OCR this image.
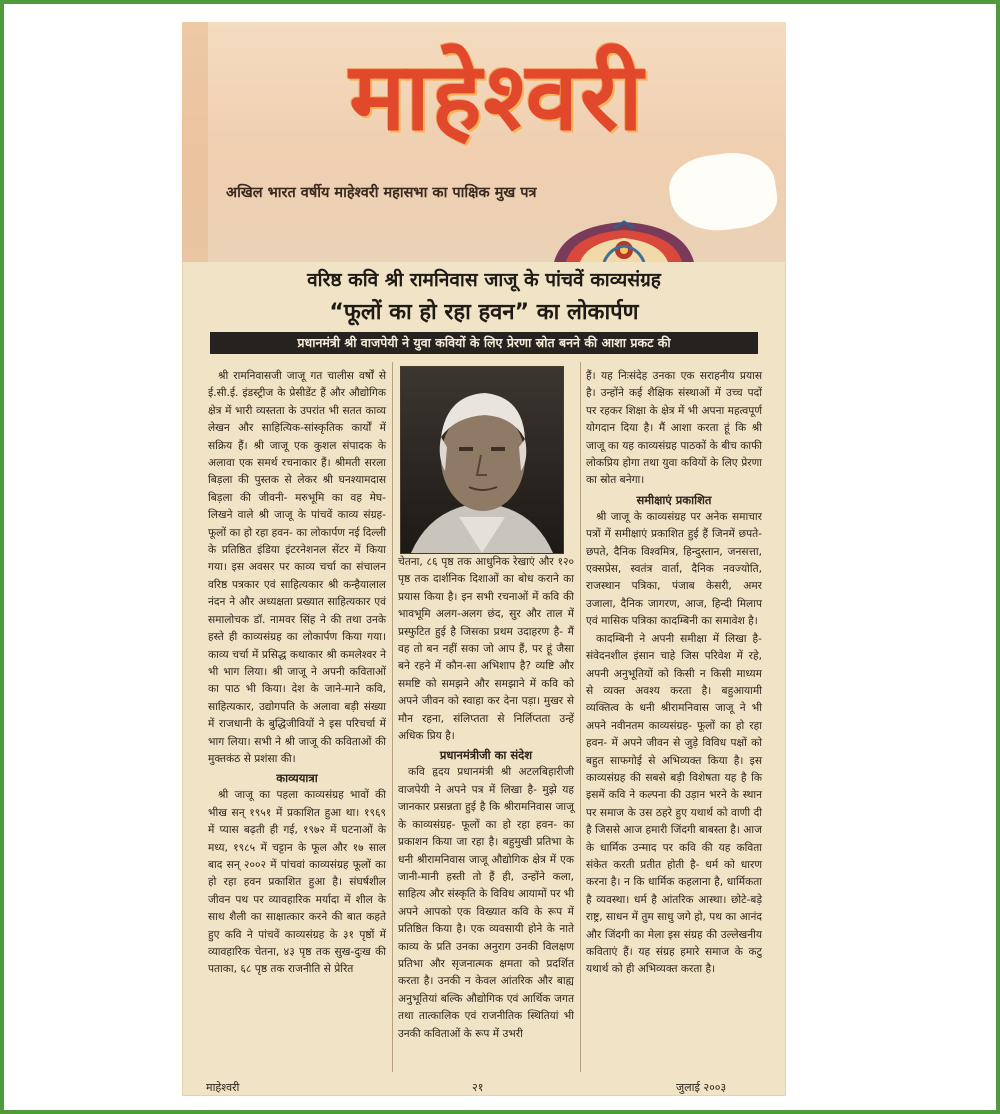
माहेश्वरी
अखिल भारत वर्षीय माहेश्वरी महासभा का पाक्षिक मुख पत्र
वरिष्ठ कवि श्री रामनिवास जाजू के पांचवें काव्यसंग्रह
“फूलों का हो रहा हवन” का लोकार्पण
प्रधानमंत्री श्री वाजपेयी ने युवा कवियों के लिए प्रेरणा स्रोत बनने की आशा प्रकट की

श्री रामनिवासजी जाजू गत चालीस वर्षों से ई.सी.ई. इंडस्ट्रीज के प्रेसीडेंट हैं और औद्योगिक क्षेत्र में भारी व्यस्तता के उपरांत भी सतत काव्य लेखन और साहित्यिक-सांस्कृतिक कार्यों में सक्रिय हैं। श्री जाजू एक कुशल संपादक के अलावा एक समर्थ रचनाकार हैं। श्रीमती सरला बिड़ला की पुस्तक से लेकर श्री घनश्यामदास बिड़ला की जीवनी- मरुभूमि का वह मेघ- लिखने वाले श्री जाजू के पांचवें काव्य संग्रह- फूलों का हो रहा हवन- का लोकार्पण नई दिल्ली के प्रतिष्ठित इंडिया इंटरनेशनल सेंटर में किया गया। इस अवसर पर काव्य चर्चा का संचालन वरिष्ठ पत्रकार एवं साहित्यकार श्री कन्हैयालाल नंदन ने और अध्यक्षता प्रख्यात साहित्यकार एवं समालोचक डॉ. नामवर सिंह ने की तथा उनके हस्ते ही काव्यसंग्रह का लोकार्पण किया गया। काव्य चर्चा में प्रसिद्ध कथाकार श्री कमलेश्वर ने भी भाग लिया। श्री जाजू ने अपनी कविताओं का पाठ भी किया। देश के जाने-माने कवि, साहित्यकार, उद्योगपति के अलावा बड़ी संख्या में राजधानी के बुद्धिजीवियों ने इस परिचर्चा में भाग लिया। सभी ने श्री जाजू की कविताओं की मुक्तकंठ से प्रशंसा की।

काव्ययात्रा

श्री जाजू का पहला काव्यसंग्रह भावों की भीख सन् १९५१ में प्रकाशित हुआ था। १९६९ में प्यास बढ़ती ही गई, १९७२ में घटनाओं के मध्य, १९८५ में चट्टान के फूल और १७ साल बाद सन् २००२ में पांचवां काव्यसंग्रह फूलों का हो रहा हवन प्रकाशित हुआ है। संघर्षशील जीवन पथ पर व्यावहारिक मर्यादा में शील के साथ शैली का साक्षात्कार करने की बात कहते हुए कवि ने पांचवें काव्यसंग्रह के ३१ पृष्ठों में व्यावहारिक चेतना, ४३ पृष्ठ तक सुख-दुःख की पताका, ६८ पृष्ठ तक राजनीति से प्रेरित

चेतना, ८६ पृष्ठ तक आधुनिक रेखाएं और १२० पृष्ठ तक दार्शनिक दिशाओं का बोध कराने का प्रयास किया है। इन सभी रचनाओं में कवि की भावभूमि अलग-अलग छंद, सुर और ताल में प्रस्फुटित हुई है जिसका प्रथम उदाहरण है- मैं वह तो बन नहीं सका जो आप हैं, पर हूं जैसा बने रहने में कौन-सा अभिशाप है? व्यष्टि और समष्टि को समझने और समझाने में कवि को अपने जीवन को स्वाहा कर देना पड़ा। मुखर से मौन रहना, संलिप्तता से निर्लिप्तता उन्हें अधिक प्रिय है।

प्रधानमंत्रीजी का संदेश

कवि हृदय प्रधानमंत्री श्री अटलबिहारीजी वाजपेयी ने अपने पत्र में लिखा है- मुझे यह जानकार प्रसन्नता हुई है कि श्रीरामनिवास जाजू के काव्यसंग्रह- फूलों का हो रहा हवन- का प्रकाशन किया जा रहा है। बहुमुखी प्रतिभा के धनी श्रीरामनिवास जाजू औद्योगिक क्षेत्र में एक जानी-मानी हस्ती तो हैं ही, उन्होंने कला, साहित्य और संस्कृति के विविध आयामों पर भी अपने आपको एक विख्यात कवि के रूप में प्रतिष्ठित किया है। एक व्यवसायी होने के नाते काव्य के प्रति उनका अनुराग उनकी विलक्षण प्रतिभा और सृजनात्मक क्षमता को प्रदर्शित करता है। उनकी न केवल आंतरिक और बाह्य अनुभूतियां बल्कि औद्योगिक एवं आर्थिक जगत तथा तात्कालिक एवं राजनीतिक स्थितियां भी उनकी कविताओं के रूप में उभरी

हैं। यह निःसंदेह उनका एक सराहनीय प्रयास है। उन्होंने कई शैक्षिक संस्थाओं में उच्च पदों पर रहकर शिक्षा के क्षेत्र में भी अपना महत्वपूर्ण योगदान दिया है। मैं आशा करता हूं कि श्री जाजू का यह काव्यसंग्रह पाठकों के बीच काफी लोकप्रिय होगा तथा युवा कवियों के लिए प्रेरणा का स्रोत बनेगा।

समीक्षाएं प्रकाशित

श्री जाजू के काव्यसंग्रह पर अनेक समाचार पत्रों में समीक्षाएं प्रकाशित हुई हैं जिनमें छपते-छपते, दैनिक विश्वमित्र, हिन्दुस्तान, जनसत्ता, एक्सप्रेस, स्वतंत्र वार्ता, दैनिक नवज्योति, राजस्थान पत्रिका, पंजाब केसरी, अमर उजाला, दैनिक जागरण, आज, हिन्दी मिलाप एवं मासिक पत्रिका कादम्बिनी का समावेश है।

कादम्बिनी ने अपनी समीक्षा में लिखा है- संवेदनशील इंसान चाहे जिस परिवेश में रहे, अपनी अनुभूतियों को किसी न किसी माध्यम से व्यक्त अवश्य करता है। बहुआयामी व्यक्तित्व के धनी श्रीरामनिवास जाजू ने भी अपने नवीनतम काव्यसंग्रह- फूलों का हो रहा हवन- में अपने जीवन से जुड़े विविध पक्षों को बहुत साफगोई से अभिव्यक्त किया है। इस काव्यसंग्रह की सबसे बड़ी विशेषता यह है कि इसमें कवि ने कल्पना की उड़ान भरने के स्थान पर समाज के उस ठहरे हुए यथार्थ को वाणी दी है जिससे आज हमारी जिंदगी बाबस्ता है। आज के धार्मिक उन्माद पर कवि की यह कविता संकेत करती प्रतीत होती है- धर्म को धारण करना है। न कि धार्मिक कहलाना है, धार्मिकता है व्यवस्था। धर्म है आंतरिक आस्था। छोटे-बड़े राष्ट्र, साधन में तुम साधु जगे हो, पथ का आनंद और जिंदगी का मेला इस संग्रह की उल्लेखनीय कविताएं हैं। यह संग्रह हमारे समाज के कटु यथार्थ को ही अभिव्यक्त करता है।

माहेश्वरी	२१	जुलाई २००३
